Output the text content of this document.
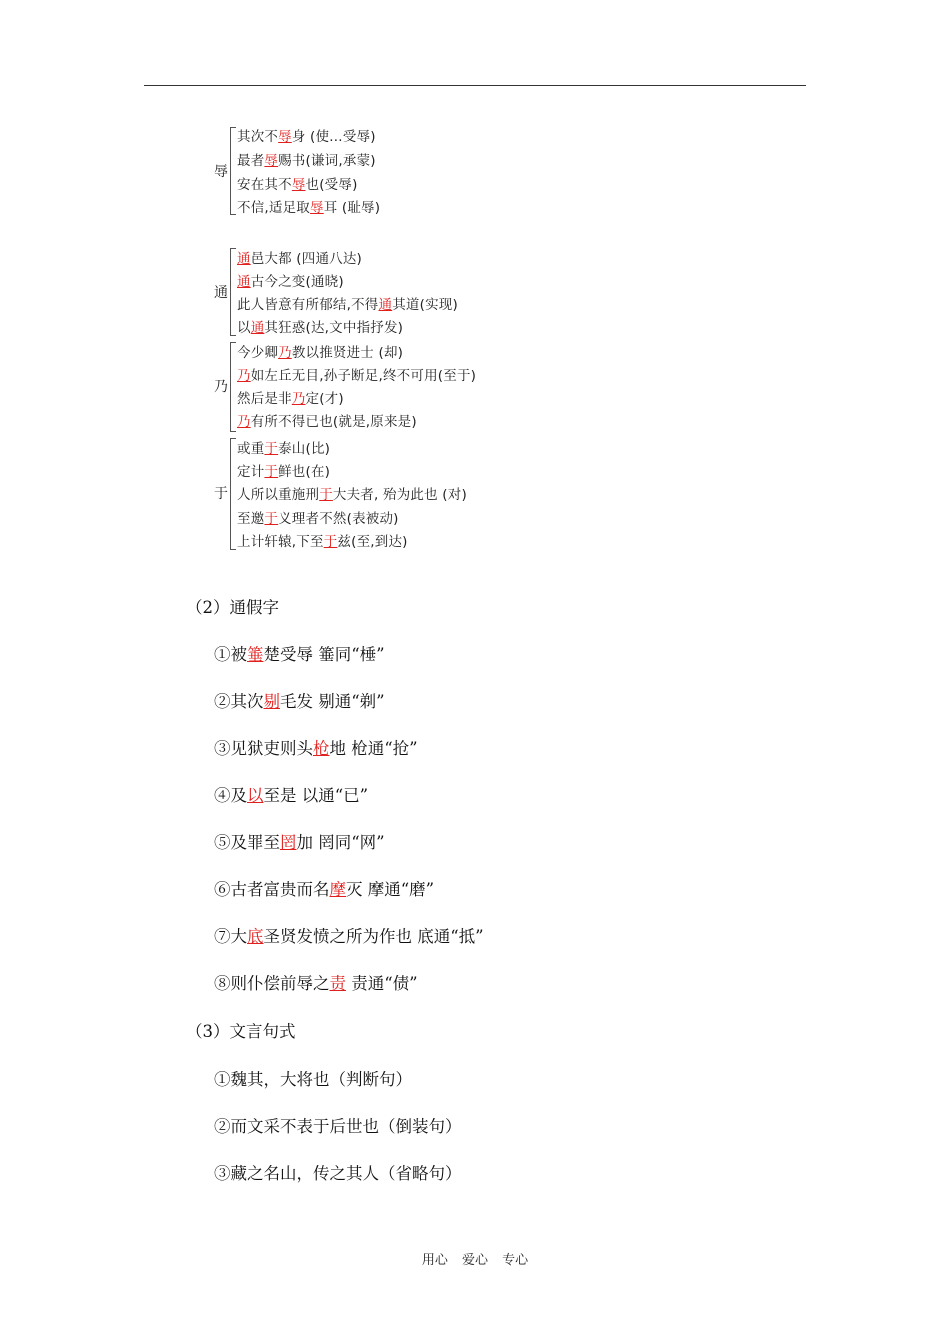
辱
其次不辱身 (使…受辱)
最者辱赐书(谦词,承蒙)
安在其不辱也(受辱)
不信,适足取辱耳 (耻辱)
通
通邑大都 (四通八达)
通古今之变(通晓)
此人皆意有所郁结,不得通其道(实现)
以通其狂惑(达,文中指抒发)
乃
今少卿乃教以推贤进士 (却)
乃如左丘无目,孙子断足,终不可用(至于)
然后是非乃定(才)
乃有所不得已也(就是,原来是)
于
或重于泰山(比)
定计于鲜也(在)
人所以重施刑于大夫者, 殆为此也 (对)
至邀于义理者不然(表被动)
上计轩辕,下至于兹(至,到达)
（2）通假字
①被箠楚受辱 箠同“棰”
②其次剔毛发 剔通“剃”
③见狱吏则头枪地 枪通“抢”
④及以至是 以通“已”
⑤及罪至罔加 罔同“网”
⑥古者富贵而名摩灭 摩通“磨”
⑦大底圣贤发愤之所为作也 底通“抵”
⑧则仆偿前辱之责 责通“债”
（3）文言句式
①魏其，大将也（判断句）
②而文采不表于后世也（倒装句）
③藏之名山，传之其人（省略句）
用心 爱心 专心
